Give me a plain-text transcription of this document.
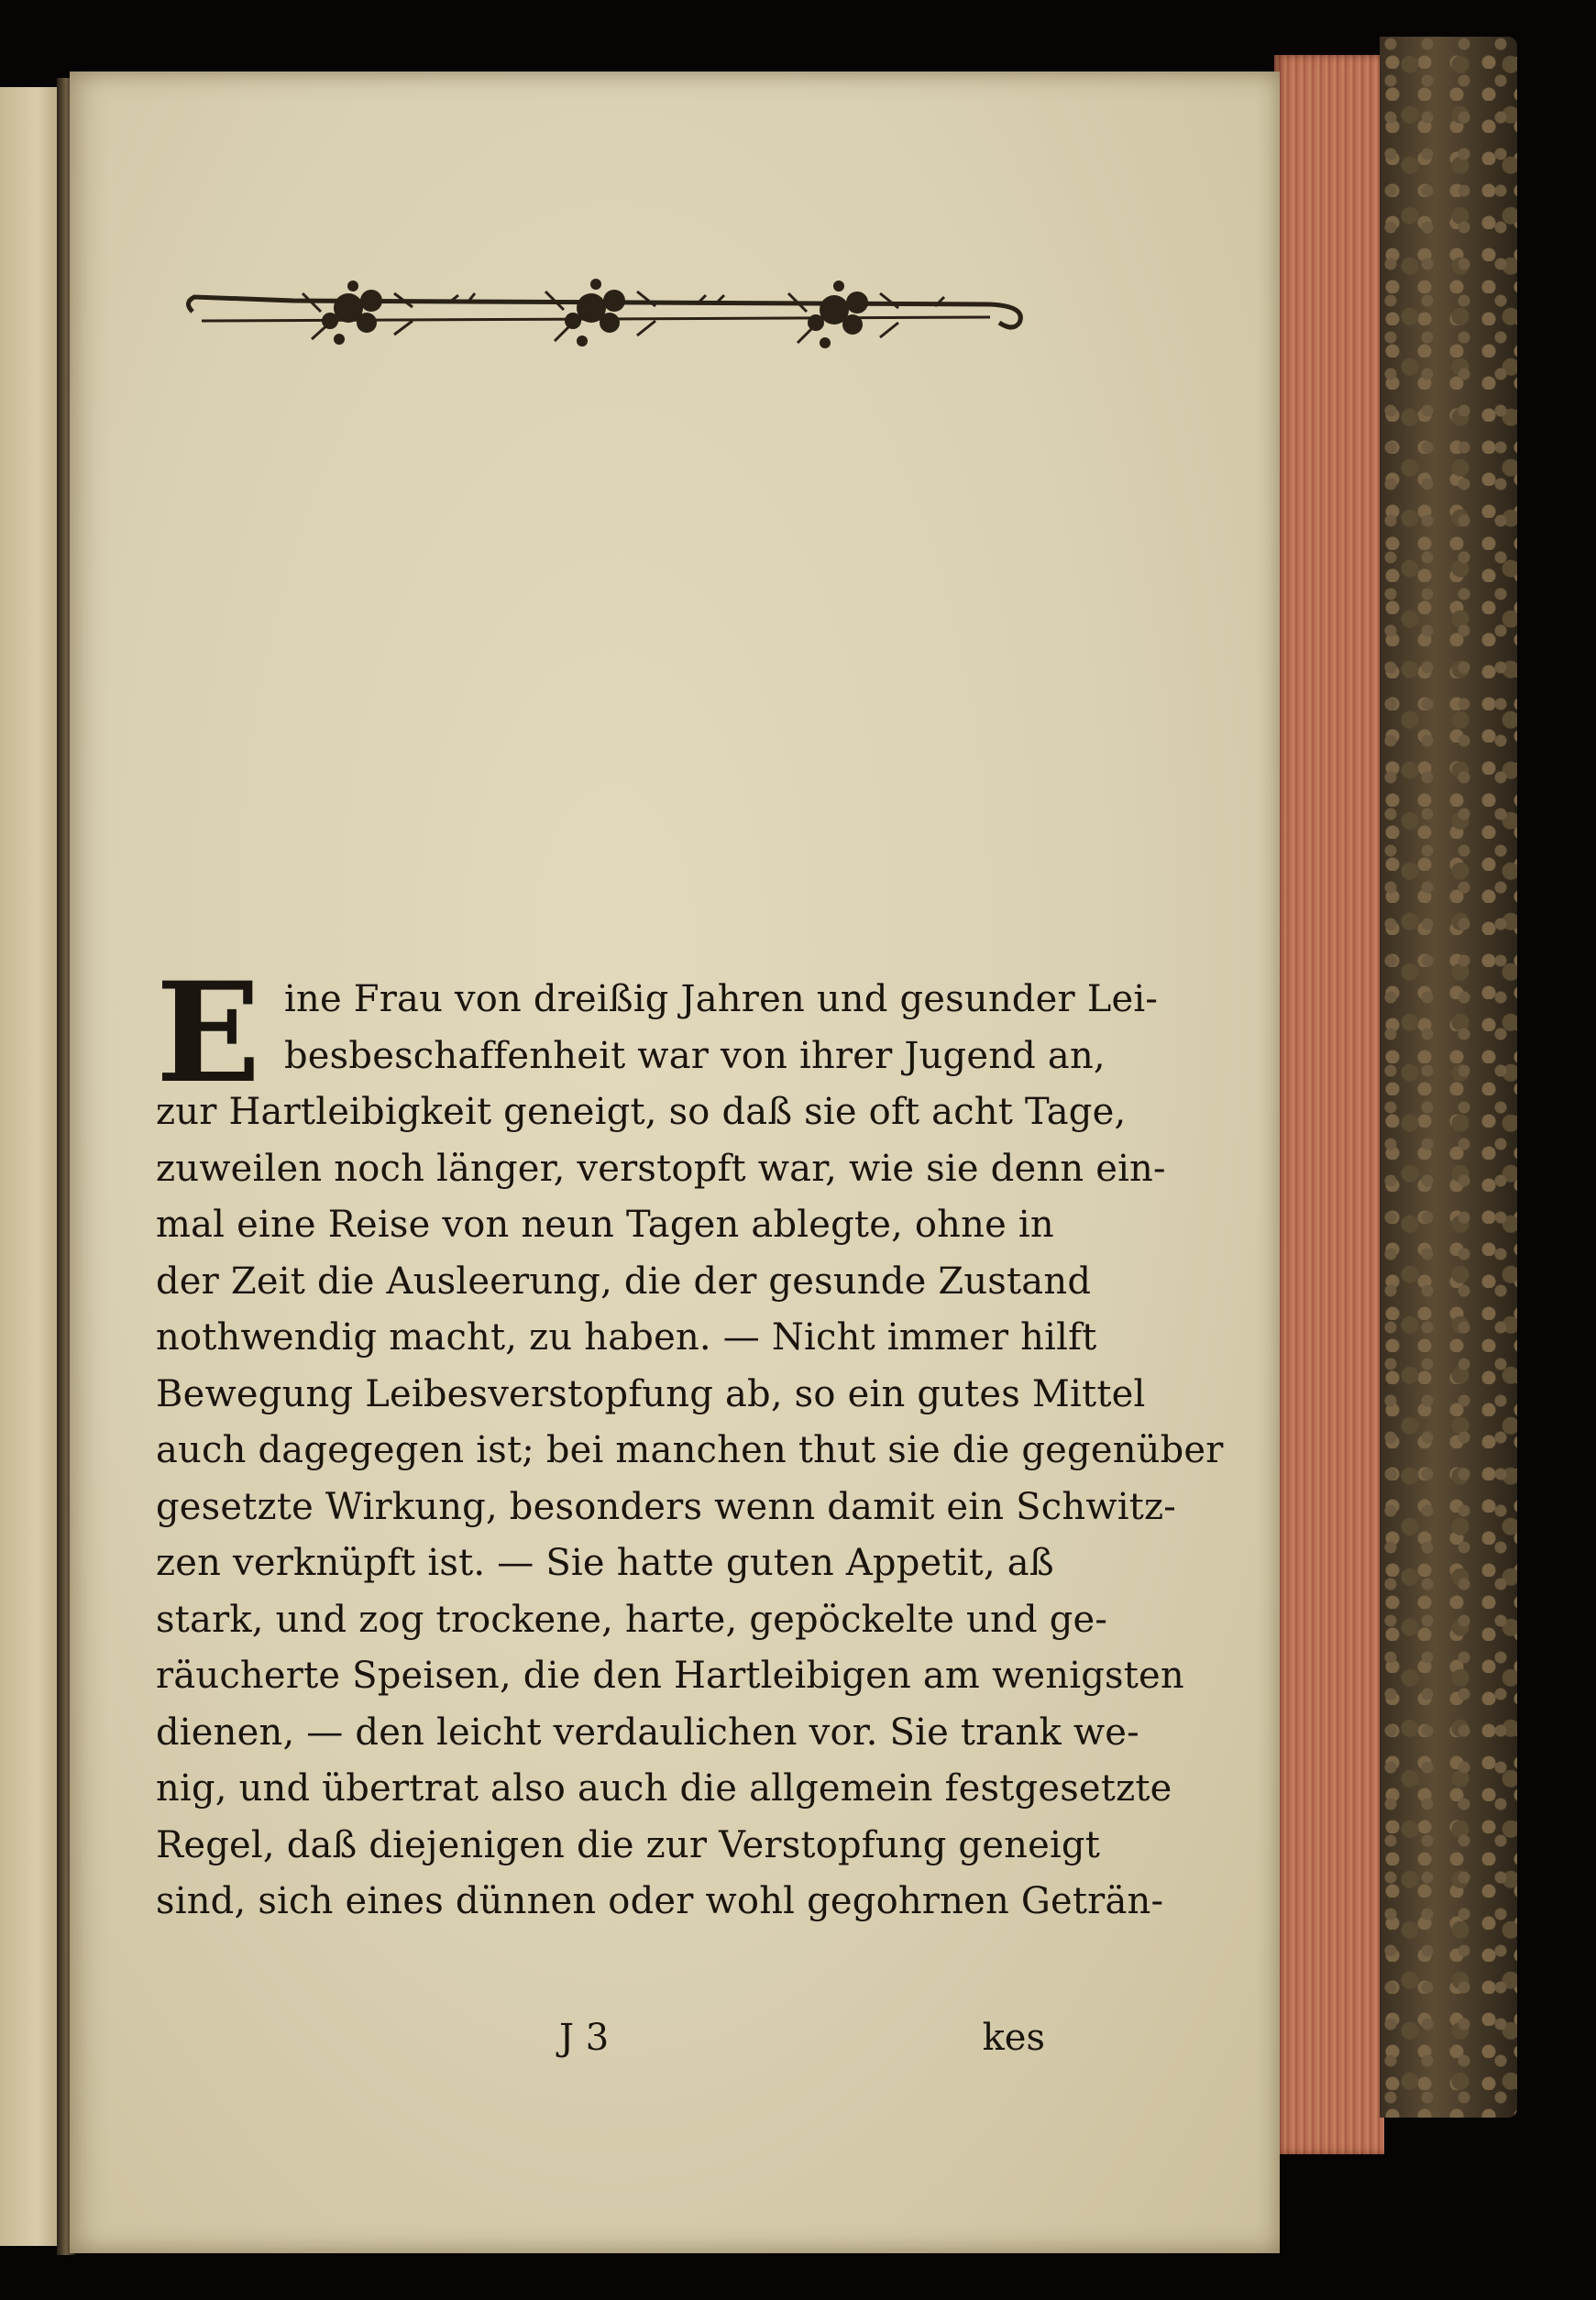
E ine Frau von dreißig Jahren und gesunder Lei-
besbeschaffenheit war von ihrer Jugend an,
zur Hartleibigkeit geneigt, so daß sie oft acht Tage,
zuweilen noch länger, verstopft war, wie sie denn ein-
mal eine Reise von neun Tagen ablegte, ohne in
der Zeit die Ausleerung, die der gesunde Zustand
nothwendig macht, zu haben. — Nicht immer hilft
Bewegung Leibesverstopfung ab, so ein gutes Mittel
auch dagegegen ist; bei manchen thut sie die gegenüber
gesetzte Wirkung, besonders wenn damit ein Schwitz-
zen verknüpft ist. — Sie hatte guten Appetit, aß
stark, und zog trockene, harte, gepöckelte und ge-
räucherte Speisen, die den Hartleibigen am wenigsten
dienen, — den leicht verdaulichen vor. Sie trank we-
nig, und übertrat also auch die allgemein festgesetzte
Regel, daß diejenigen die zur Verstopfung geneigt
sind, sich eines dünnen oder wohl gegohrnen Geträn-
J 3	kes
